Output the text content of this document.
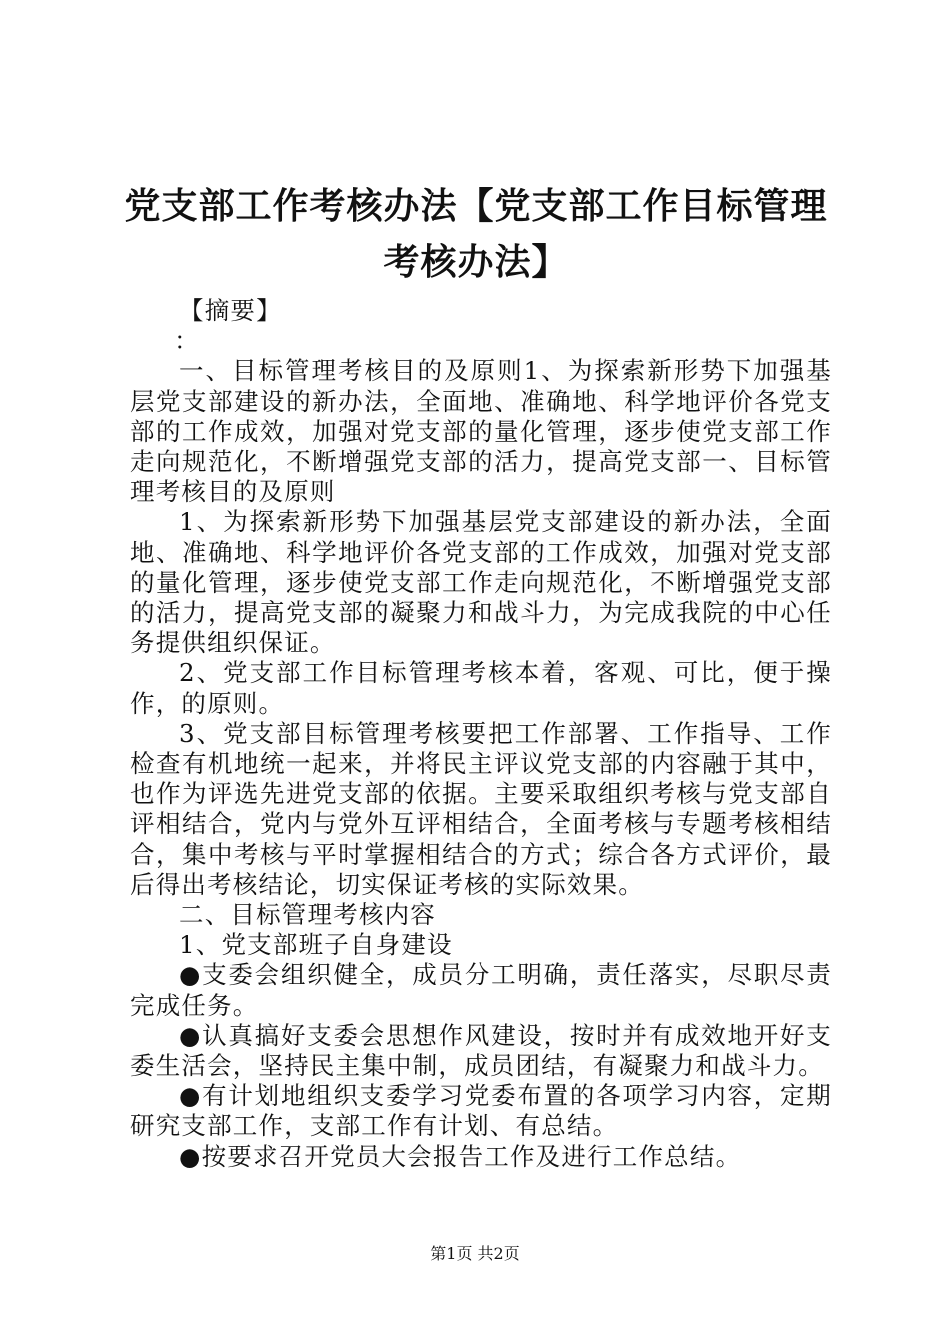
党支部工作考核办法【党支部工作目标管理考核办法】

【摘要】

：

一、目标管理考核目的及原则1、为探索新形势下加强基层党支部建设的新办法，全面地、准确地、科学地评价各党支部的工作成效，加强对党支部的量化管理，逐步使党支部工作走向规范化，不断增强党支部的活力，提高党支部一、目标管理考核目的及原则

1、为探索新形势下加强基层党支部建设的新办法，全面地、准确地、科学地评价各党支部的工作成效，加强对党支部的量化管理，逐步使党支部工作走向规范化，不断增强党支部的活力，提高党支部的凝聚力和战斗力，为完成我院的中心任务提供组织保证。

2、党支部工作目标管理考核本着，客观、可比，便于操作，的原则。

3、党支部目标管理考核要把工作部署、工作指导、工作检查有机地统一起来，并将民主评议党支部的内容融于其中，也作为评选先进党支部的依据。主要采取组织考核与党支部自评相结合，党内与党外互评相结合，全面考核与专题考核相结合，集中考核与平时掌握相结合的方式；综合各方式评价，最后得出考核结论，切实保证考核的实际效果。

二、目标管理考核内容

1、党支部班子自身建设

●支委会组织健全，成员分工明确，责任落实，尽职尽责完成任务。

●认真搞好支委会思想作风建设，按时并有成效地开好支委生活会，坚持民主集中制，成员团结，有凝聚力和战斗力。

●有计划地组织支委学习党委布置的各项学习内容，定期研究支部工作，支部工作有计划、有总结。

●按要求召开党员大会报告工作及进行工作总结。

第1页 共2页
